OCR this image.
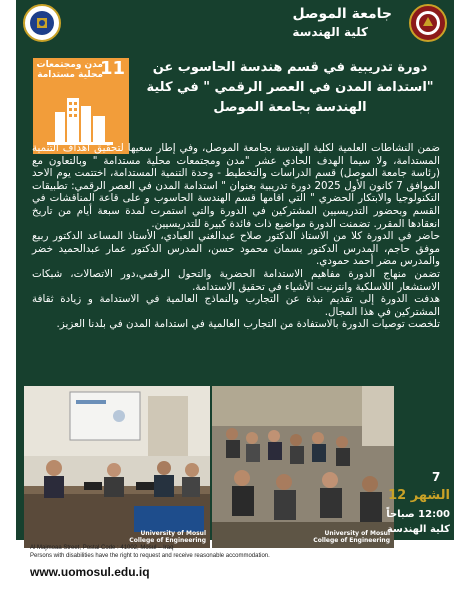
جامعة الموصل
كلية الهندسة
11
مدن ومجتمعات محلية مستدامة	دورة تدريبية في قسم هندسة الحاسوب عن "استدامة المدن في العصر الرقمي " في كلية الهندسة بجامعة الموصل

ضمن النشاطات العلمية لكلية الهندسة بجامعة الموصل، وفي إطار سعيها لتحقيق أهداف التنمية المستدامة، ولا سيما الهدف الحادي عشر "مدن ومجتمعات محلية مستدامة " وبالتعاون مع (رئاسة جامعة الموصل) قسم الدراسات والتخطيط - وحدة التنمية المستدامة، اختتمت يوم الاحد الموافق 7 كانون الأول 2025 دورة تدريبية بعنوان " استدامة المدن في العصر الرقمي: تطبيقات التكنولوجيا والابتكار الحضري " التي اقامها قسم الهندسة الحاسوب و على قاعة المناقشات في القسم وبحضور التدريسيين المشتركين في الدورة والتي استمرت لمدة سبعة أيام من تاريخ انعقادها المقرر. تضمنت الدورة مواضيع ذات فائدة كبيرة للتدريسيين.

حاضر في الدورة كلا من الاستاذ الدكتور صلاح عبدالغني العبادي، الأستاذ المساعد الدكتور ربيع موفق حاجم، المدرس الدكتور بسمان محمود حسن، المدرس الدكتور عمار عبدالحميد خضر والمدرس مضر أحمد حمودي.

تضمن منهاج الدورة مفاهيم الاستدامة الحضرية والتحول الرقمي،دور الاتصالات، شبكات الاستشعار اللاسلكية وانترنيت الأشياء في تحقيق الاستدامة.

هدفت الدورة إلى تقديم نبذة عن التجارب والنماذج العالمية في الاستدامة و زيادة ثقافة المشتركين في هذا المجال.

تلخصت توصيات الدورة بالاستفادة من التجارب العالمية في استدامة المدن في بلدنا العزيز.

University of Mosul
College of Engineering
University of Mosul
College of Engineering
7
الشهر 12
12:00 صباحاً
كلية الهندسة
Al Majmoaa Street, Postal Code : 41002, Mosul – Iraq
Persons with disabilities have the right to request and receive reasonable accommodation.
www.uomosul.edu.iq
